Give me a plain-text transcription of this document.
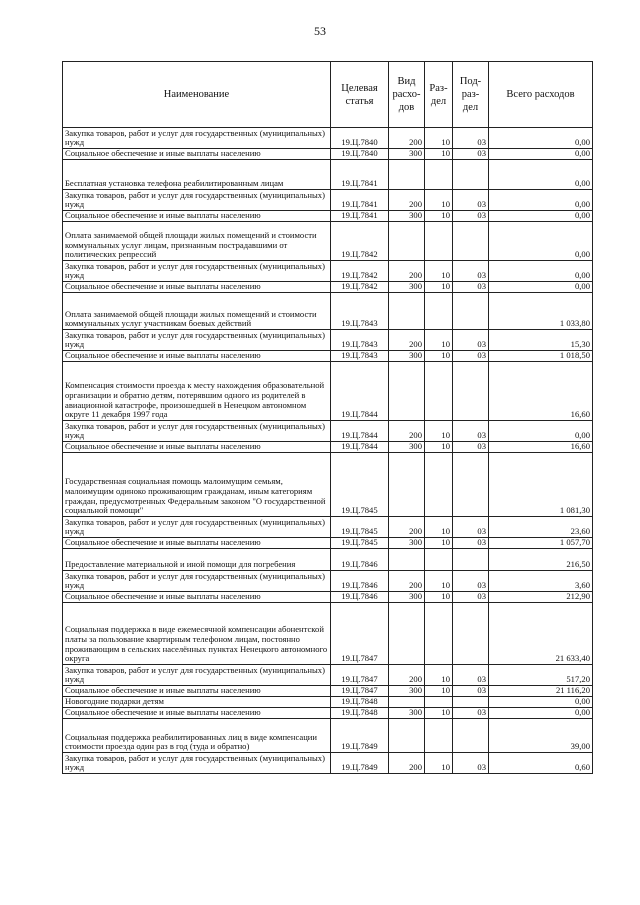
53
Наименование	Целевая статья	Вид расхо- дов	Раз- дел	Под- раз- дел	Всего расходов
Закупка товаров, работ и услуг для государственных (муниципальных) нужд	19.Ц.7840	200	10	03	0,00
Социальное обеспечение и иные выплаты населению	19.Ц.7840	300	10	03	0,00
Бесплатная установка телефона реабилитированным лицам	19.Ц.7841				0,00
Закупка товаров, работ и услуг для государственных (муниципальных) нужд	19.Ц.7841	200	10	03	0,00
Социальное обеспечение и иные выплаты населению	19.Ц.7841	300	10	03	0,00
Оплата занимаемой общей площади жилых помещений и стоимости коммунальных услуг лицам, признанным пострадавшими от политических репрессий	19.Ц.7842				0,00
Закупка товаров, работ и услуг для государственных (муниципальных) нужд	19.Ц.7842	200	10	03	0,00
Социальное обеспечение и иные выплаты населению	19.Ц.7842	300	10	03	0,00
Оплата занимаемой общей площади жилых помещений и стоимости коммунальных услуг участникам боевых действий	19.Ц.7843				1 033,80
Закупка товаров, работ и услуг для государственных (муниципальных) нужд	19.Ц.7843	200	10	03	15,30
Социальное обеспечение и иные выплаты населению	19.Ц.7843	300	10	03	1 018,50
Компенсация стоимости проезда к месту нахождения образовательной организации и обратно детям, потерявшим одного из родителей в авиационной катастрофе, произошедшей в Ненецком автономном округе 11 декабря 1997 года	19.Ц.7844				16,60
Закупка товаров, работ и услуг для государственных (муниципальных) нужд	19.Ц.7844	200	10	03	0,00
Социальное обеспечение и иные выплаты населению	19.Ц.7844	300	10	03	16,60
Государственная социальная помощь малоимущим семьям, малоимущим одиноко проживающим гражданам, иным категориям граждан, предусмотренных Федеральным законом "О государственной социальной помощи"	19.Ц.7845				1 081,30
Закупка товаров, работ и услуг для государственных (муниципальных) нужд	19.Ц.7845	200	10	03	23,60
Социальное обеспечение и иные выплаты населению	19.Ц.7845	300	10	03	1 057,70
Предоставление материальной и иной помощи для погребения	19.Ц.7846				216,50
Закупка товаров, работ и услуг для государственных (муниципальных) нужд	19.Ц.7846	200	10	03	3,60
Социальное обеспечение и иные выплаты населению	19.Ц.7846	300	10	03	212,90
Социальная поддержка в виде ежемесячной компенсации абонентской платы за пользование квартирным телефоном лицам, постоянно проживающим в сельских населённых пунктах Ненецкого автономного округа	19.Ц.7847				21 633,40
Закупка товаров, работ и услуг для государственных (муниципальных) нужд	19.Ц.7847	200	10	03	517,20
Социальное обеспечение и иные выплаты населению	19.Ц.7847	300	10	03	21 116,20
Новогодние подарки детям	19.Ц.7848				0,00
Социальное обеспечение и иные выплаты населению	19.Ц.7848	300	10	03	0,00
Социальная поддержка реабилитированных лиц в виде компенсации стоимости проезда один раз в год (туда и обратно)	19.Ц.7849				39,00
Закупка товаров, работ и услуг для государственных (муниципальных) нужд	19.Ц.7849	200	10	03	0,60
